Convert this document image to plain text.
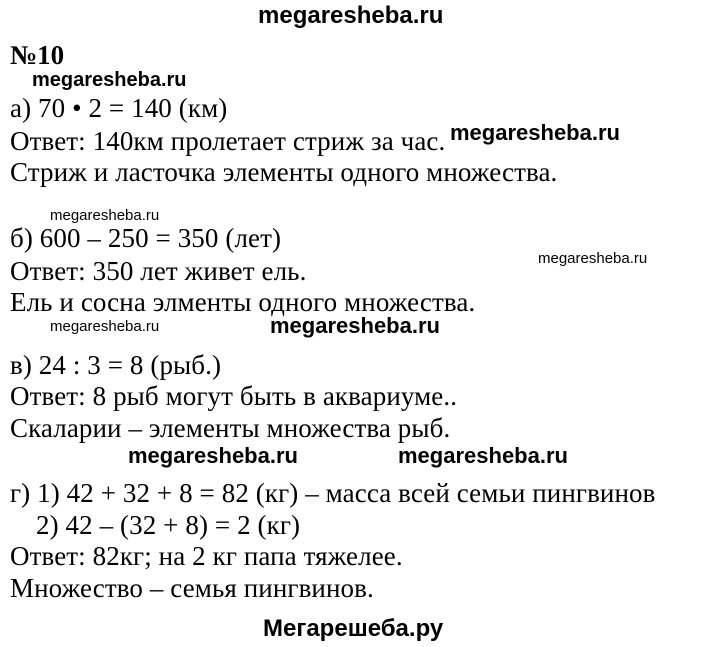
megaresheba.ru
№10
megaresheba.ru
а) 70 • 2 = 140 (км)
Ответ: 140км пролетает стриж за час. megaresheba.ru
Стриж и ласточка элементы одного множества.
megaresheba.ru
б) 600 – 250 = 350 (лет)
megaresheba.ru
Ответ: 350 лет живет ель.
Ель и сосна элменты одного множества.
megaresheba.ru	megaresheba.ru
в) 24 : 3 = 8 (рыб.)
Ответ: 8 рыб могут быть в аквариуме..
Скаларии – элементы множества рыб.
megaresheba.ru	megaresheba.ru
г) 1) 42 + 32 + 8 = 82 (кг) – масса всей семьи пингвинов
2) 42 – (32 + 8) = 2 (кг)
Ответ: 82кг; на 2 кг папа тяжелее.
Множество – семья пингвинов.
Мегарешеба.ру
